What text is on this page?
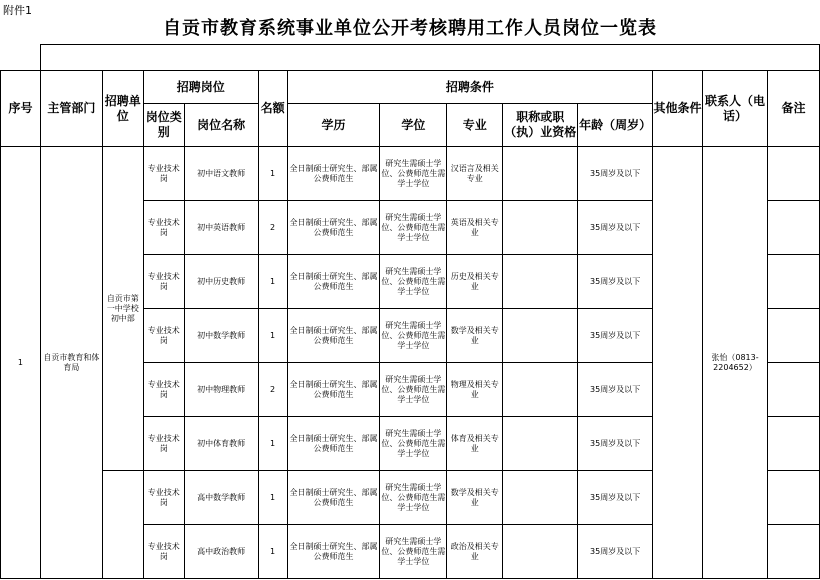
附件1
自贡市教育系统事业单位公开考核聘用工作人员岗位一览表

序号	主管部门	招聘单位	招聘岗位		名额	招聘条件					其他条件	联系人（电话）	备注
			岗位类别	岗位名称		学历	学位	专业	职称或职（执）业资格	年龄（周岁）			
1	自贡市教育和体育局	自贡市第一中学校初中部	专业技术岗	初中语文教师	1	全日制硕士研究生、部属公费师范生	研究生需硕士学位、公费师范生需学士学位	汉语言及相关专业		35周岁及以下		张怡（0813-2204652）	
			专业技术岗	初中英语教师	2	全日制硕士研究生、部属公费师范生	研究生需硕士学位、公费师范生需学士学位	英语及相关专业		35周岁及以下			
			专业技术岗	初中历史教师	1	全日制硕士研究生、部属公费师范生	研究生需硕士学位、公费师范生需学士学位	历史及相关专业		35周岁及以下			
			专业技术岗	初中数学教师	1	全日制硕士研究生、部属公费师范生	研究生需硕士学位、公费师范生需学士学位	数学及相关专业		35周岁及以下			
			专业技术岗	初中物理教师	2	全日制硕士研究生、部属公费师范生	研究生需硕士学位、公费师范生需学士学位	物理及相关专业		35周岁及以下			
			专业技术岗	初中体育教师	1	全日制硕士研究生、部属公费师范生	研究生需硕士学位、公费师范生需学士学位	体育及相关专业		35周岁及以下			
			专业技术岗	高中数学教师	1	全日制硕士研究生、部属公费师范生	研究生需硕士学位、公费师范生需学士学位	数学及相关专业		35周岁及以下			
			专业技术岗	高中政治教师	1	全日制硕士研究生、部属公费师范生	研究生需硕士学位、公费师范生需学士学位	政治及相关专业		35周岁及以下			
